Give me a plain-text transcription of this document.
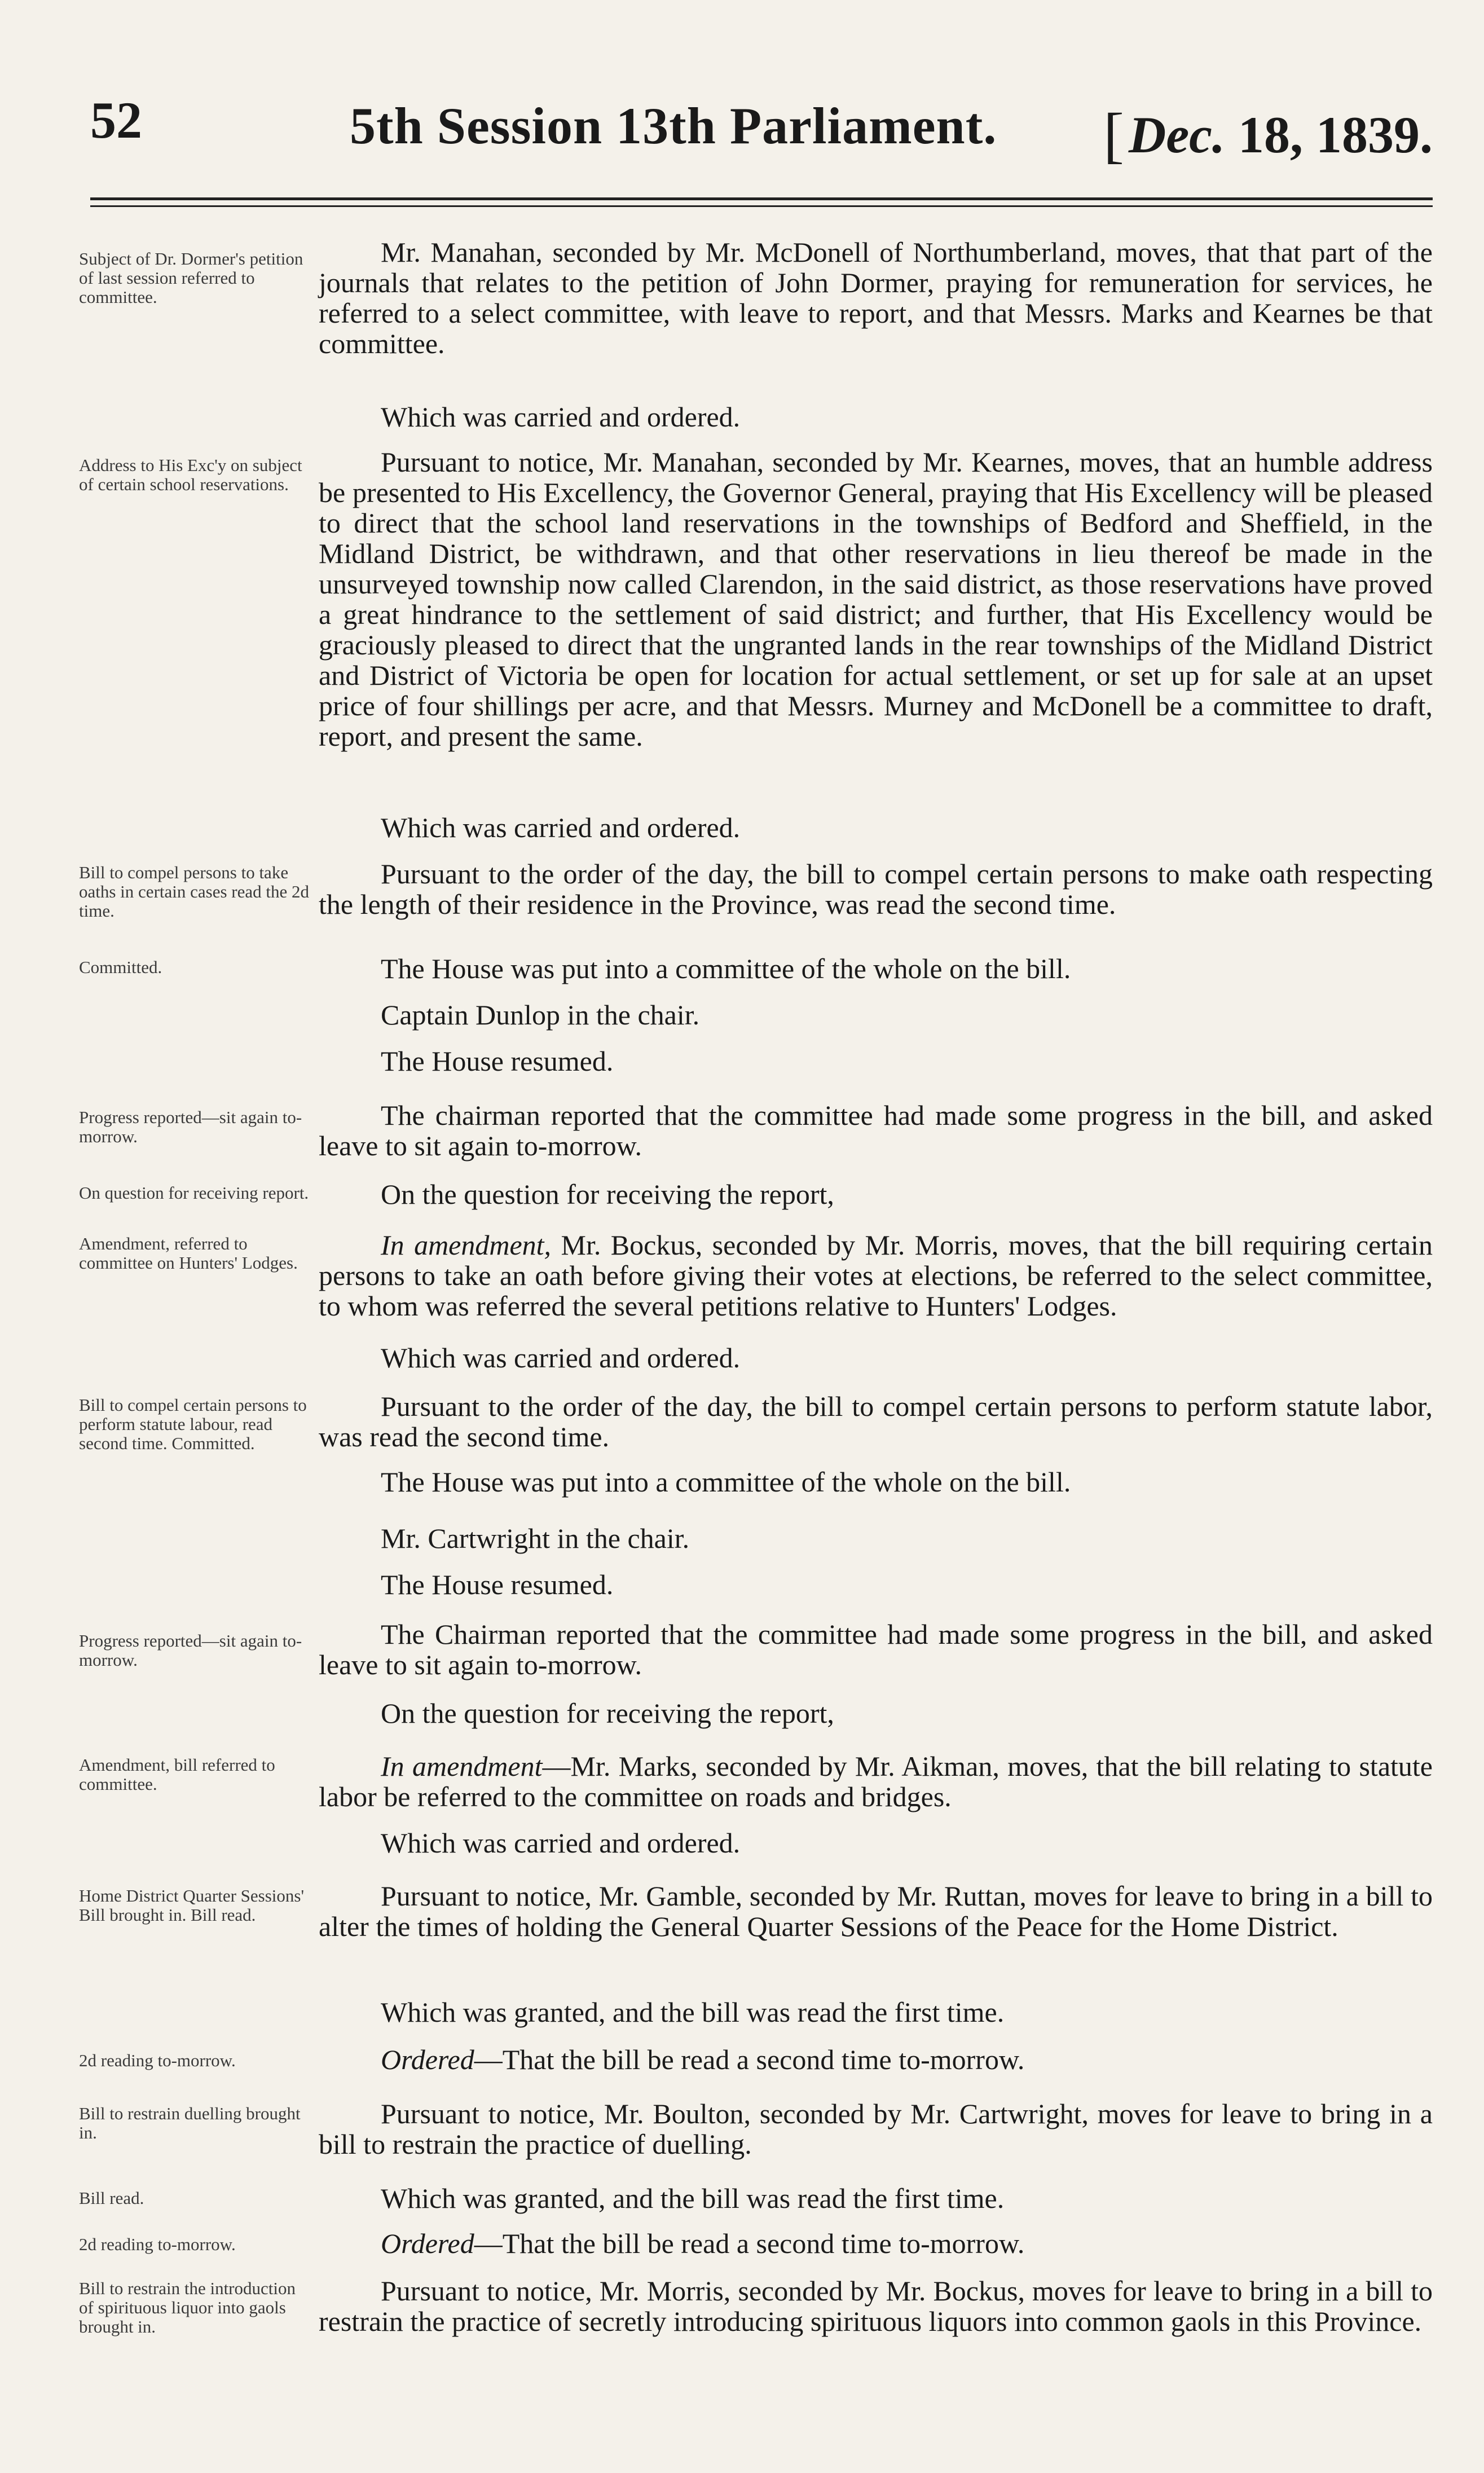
52	5th Session 13th Parliament. [Dec. 18, 1839.
Subject of Dr. Dormer's petition of last session referred to committee.
Mr. Manahan, seconded by Mr. McDonell of Northumberland, moves, that that part of the journals that relates to the petition of John Dormer, praying for remuneration for services, he referred to a select committee, with leave to report, and that Messrs. Marks and Kearnes be that committee.
Which was carried and ordered.
Address to His Exc'y on subject of certain school reservations.
Pursuant to notice, Mr. Manahan, seconded by Mr. Kearnes, moves, that an humble address be presented to His Excellency, the Governor General, praying that His Excellency will be pleased to direct that the school land reservations in the townships of Bedford and Sheffield, in the Midland District, be withdrawn, and that other reservations in lieu thereof be made in the unsurveyed township now called Clarendon, in the said district, as those reservations have proved a great hindrance to the settlement of said district; and further, that His Excellency would be graciously pleased to direct that the ungranted lands in the rear townships of the Midland District and District of Victoria be open for location for actual settlement, or set up for sale at an upset price of four shillings per acre, and that Messrs. Murney and McDonell be a committee to draft, report, and present the same.
Which was carried and ordered.
Bill to compel persons to take oaths in certain cases read the 2d time.
Pursuant to the order of the day, the bill to compel certain persons to make oath respecting the length of their residence in the Province, was read the second time.
Committed.	The House was put into a committee of the whole on the bill.
Captain Dunlop in the chair.
The House resumed.
Progress reported—sit again to-morrow.
The chairman reported that the committee had made some progress in the bill, and asked leave to sit again to-morrow.
On question for receiving report.	On the question for receiving the report,
Amendment, referred to committee on Hunters' Lodges.
In amendment, Mr. Bockus, seconded by Mr. Morris, moves, that the bill requiring certain persons to take an oath before giving their votes at elections, be referred to the select committee, to whom was referred the several petitions relative to Hunters' Lodges.
Which was carried and ordered.
Bill to compel certain persons to perform statute labour, read second time. Committed.
Pursuant to the order of the day, the bill to compel certain persons to perform statute labor, was read the second time.
The House was put into a committee of the whole on the bill.
Mr. Cartwright in the chair.
The House resumed.
Progress reported—sit again to-morrow.
The Chairman reported that the committee had made some progress in the bill, and asked leave to sit again to-morrow.
On the question for receiving the report,
Amendment, bill referred to committee.
In amendment—Mr. Marks, seconded by Mr. Aikman, moves, that the bill relating to statute labor be referred to the committee on roads and bridges.
Which was carried and ordered.
Home District Quarter Sessions' Bill brought in. Bill read.
Pursuant to notice, Mr. Gamble, seconded by Mr. Ruttan, moves for leave to bring in a bill to alter the times of holding the General Quarter Sessions of the Peace for the Home District.
Which was granted, and the bill was read the first time.
2d reading to-morrow.	Ordered—That the bill be read a second time to-morrow.
Bill to restrain duelling brought in.
Pursuant to notice, Mr. Boulton, seconded by Mr. Cartwright, moves for leave to bring in a bill to restrain the practice of duelling.
Bill read.	Which was granted, and the bill was read the first time.
2d reading to-morrow.	Ordered—That the bill be read a second time to-morrow.
Bill to restrain the introduction of spirituous liquor into gaols brought in.
Pursuant to notice, Mr. Morris, seconded by Mr. Bockus, moves for leave to bring in a bill to restrain the practice of secretly introducing spirituous liquors into common gaols in this Province.
